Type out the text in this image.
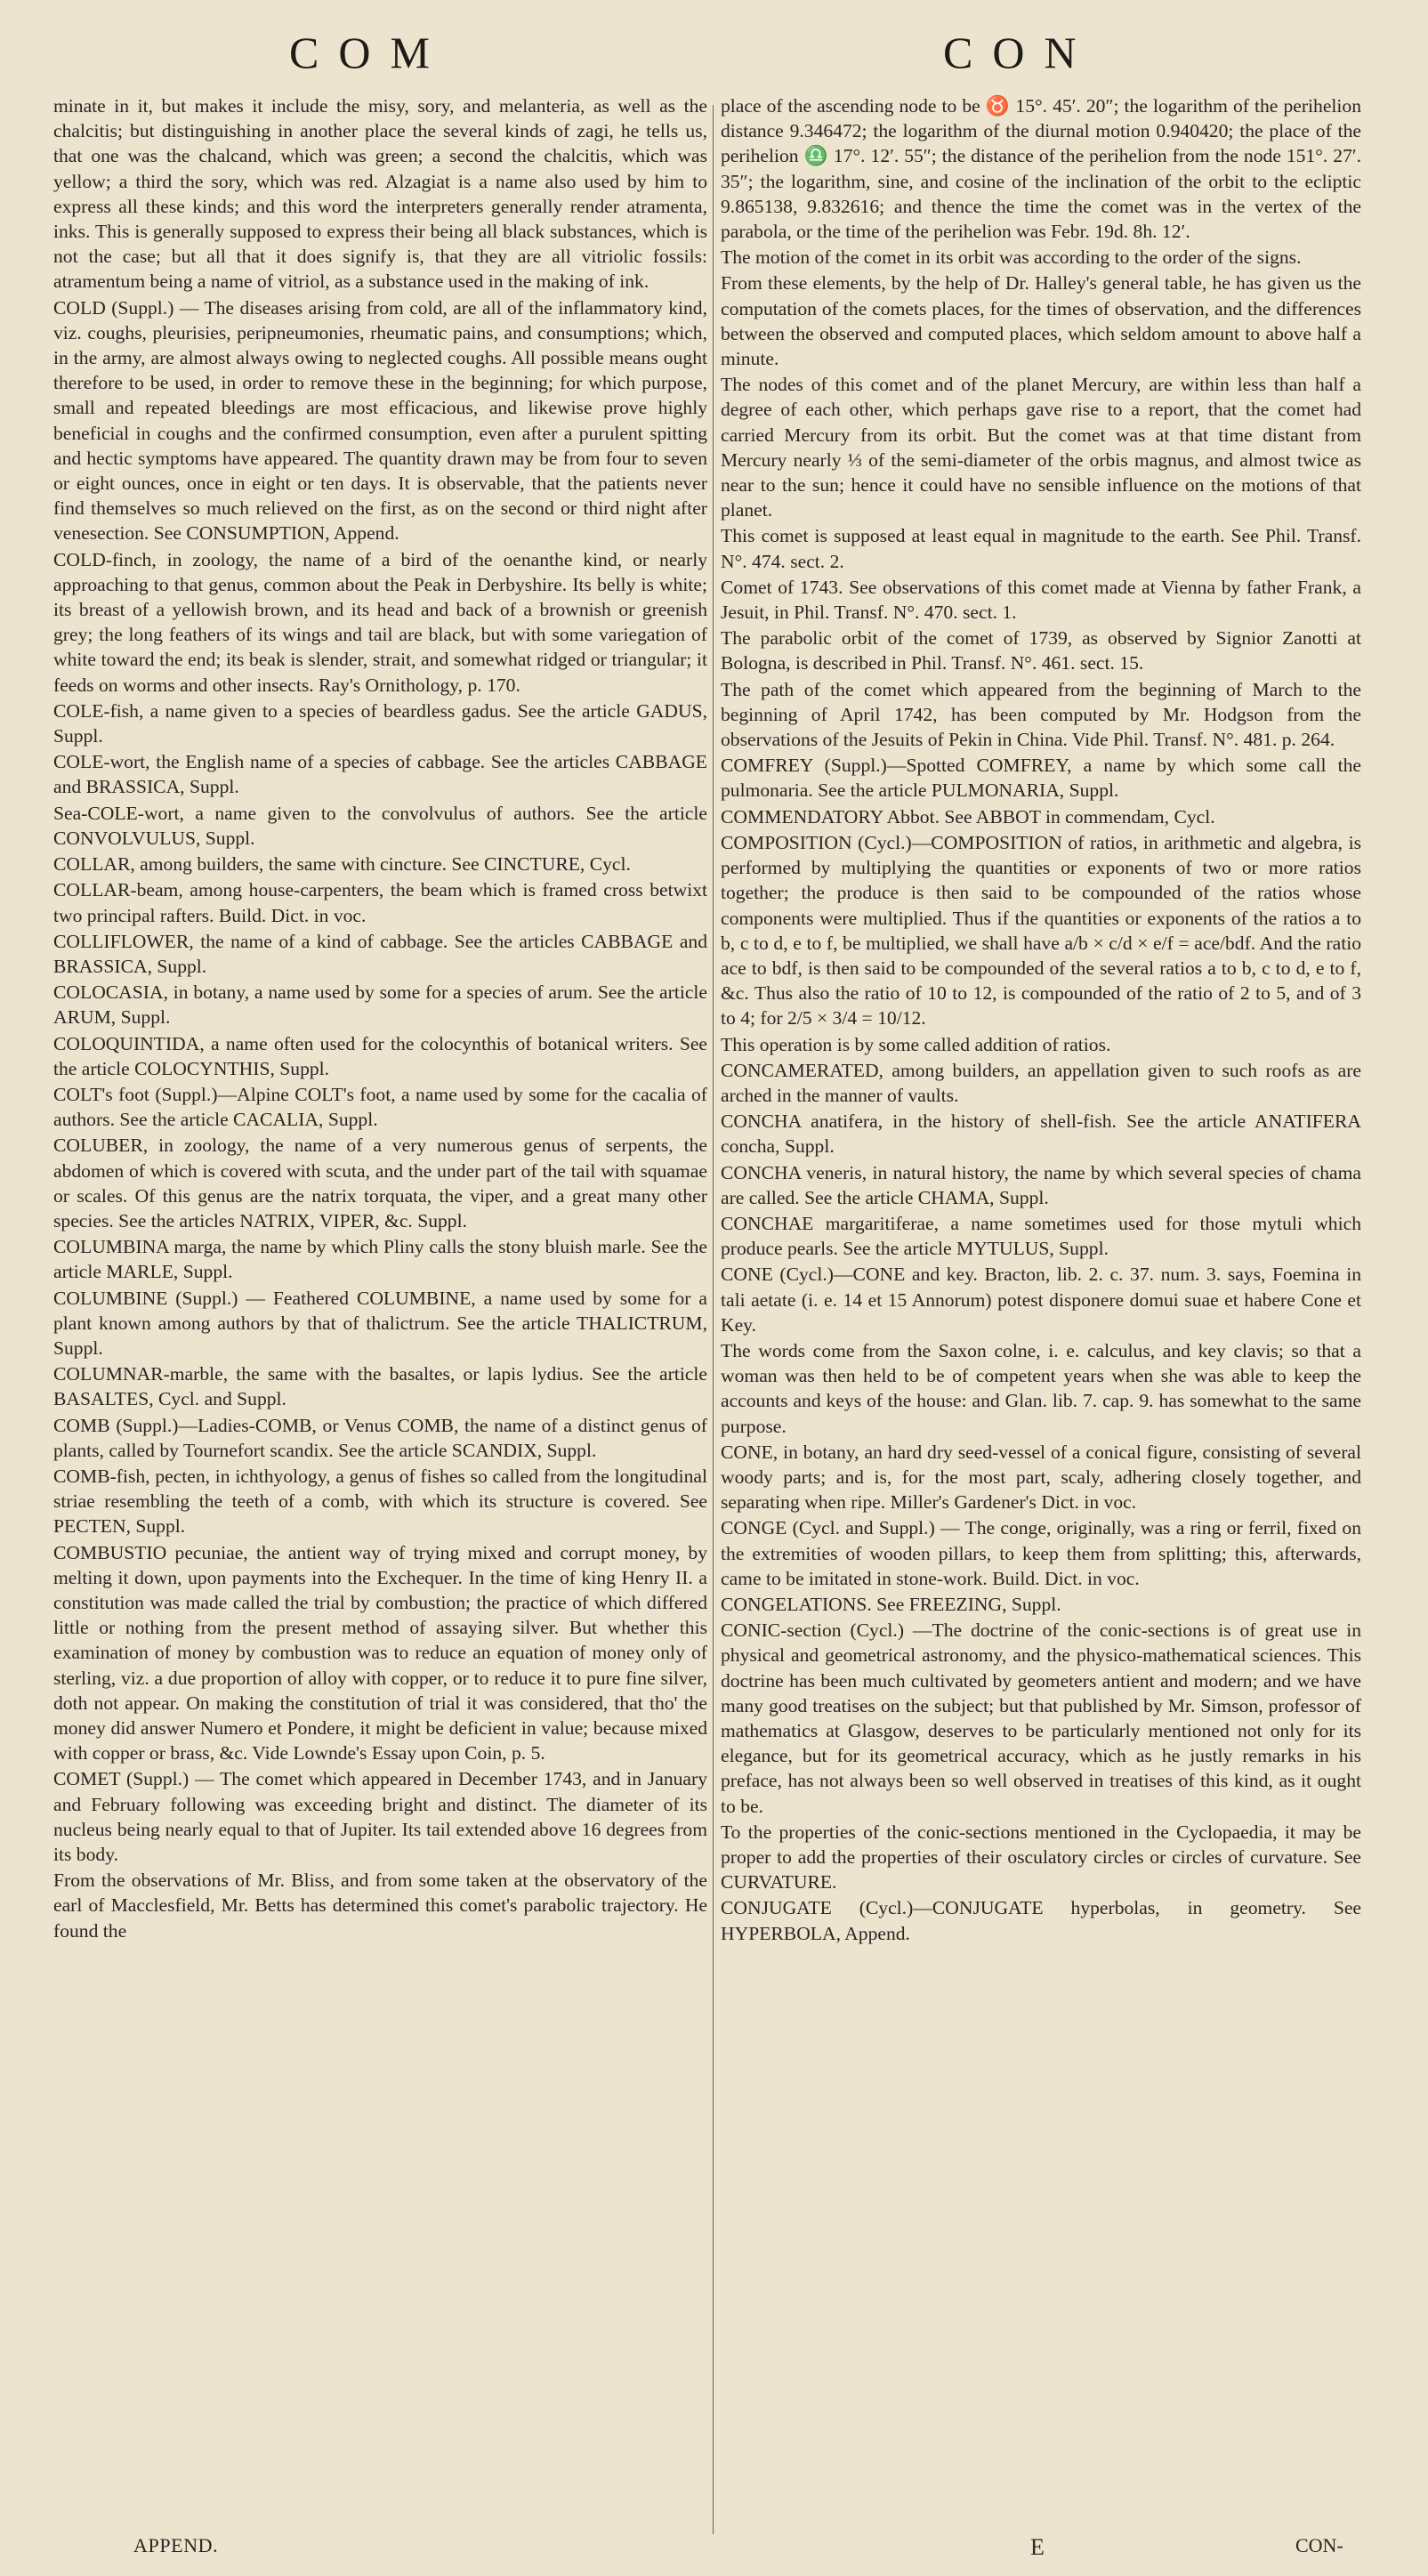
COM	CON

minate in it, but makes it include the misy, sory, and melanteria, as well as the chalcitis; but distinguishing in another place the several kinds of zagi, he tells us, that one was the chalcand, which was green; a second the chalcitis, which was yellow; a third the sory, which was red. Alzagiat is a name also used by him to express all these kinds; and this word the interpreters generally render atramenta, inks. This is generally supposed to express their being all black substances, which is not the case; but all that it does signify is, that they are all vitriolic fossils: atramentum being a name of vitriol, as a substance used in the making of ink.

COLD (Suppl.) — The diseases arising from cold, are all of the inflammatory kind, viz. coughs, pleurisies, peripneumonies, rheumatic pains, and consumptions; which, in the army, are almost always owing to neglected coughs. All possible means ought therefore to be used, in order to remove these in the beginning; for which purpose, small and repeated bleedings are most efficacious, and likewise prove highly beneficial in coughs and the confirmed consumption, even after a purulent spitting and hectic symptoms have appeared. The quantity drawn may be from four to seven or eight ounces, once in eight or ten days. It is observable, that the patients never find themselves so much relieved on the first, as on the second or third night after venesection. See CONSUMPTION, Append.

COLD-finch, in zoology, the name of a bird of the oenanthe kind, or nearly approaching to that genus, common about the Peak in Derbyshire. Its belly is white; its breast of a yellowish brown, and its head and back of a brownish or greenish grey; the long feathers of its wings and tail are black, but with some variegation of white toward the end; its beak is slender, strait, and somewhat ridged or triangular; it feeds on worms and other insects. Ray's Ornithology, p. 170.

COLE-fish, a name given to a species of beardless gadus. See the article GADUS, Suppl.

COLE-wort, the English name of a species of cabbage. See the articles CABBAGE and BRASSICA, Suppl.

Sea-COLE-wort, a name given to the convolvulus of authors. See the article CONVOLVULUS, Suppl.

COLLAR, among builders, the same with cincture. See CINCTURE, Cycl.

COLLAR-beam, among house-carpenters, the beam which is framed cross betwixt two principal rafters. Build. Dict. in voc.

COLLIFLOWER, the name of a kind of cabbage. See the articles CABBAGE and BRASSICA, Suppl.

COLOCASIA, in botany, a name used by some for a species of arum. See the article ARUM, Suppl.

COLOQUINTIDA, a name often used for the colocynthis of botanical writers. See the article COLOCYNTHIS, Suppl.

COLT's foot (Suppl.)—Alpine COLT's foot, a name used by some for the cacalia of authors. See the article CACALIA, Suppl.

COLUBER, in zoology, the name of a very numerous genus of serpents, the abdomen of which is covered with scuta, and the under part of the tail with squamae or scales. Of this genus are the natrix torquata, the viper, and a great many other species. See the articles NATRIX, VIPER, &c. Suppl.

COLUMBINA marga, the name by which Pliny calls the stony bluish marle. See the article MARLE, Suppl.

COLUMBINE (Suppl.) — Feathered COLUMBINE, a name used by some for a plant known among authors by that of thalictrum. See the article THALICTRUM, Suppl.

COLUMNAR-marble, the same with the basaltes, or lapis lydius. See the article BASALTES, Cycl. and Suppl.

COMB (Suppl.)—Ladies-COMB, or Venus COMB, the name of a distinct genus of plants, called by Tournefort scandix. See the article SCANDIX, Suppl.

COMB-fish, pecten, in ichthyology, a genus of fishes so called from the longitudinal striae resembling the teeth of a comb, with which its structure is covered. See PECTEN, Suppl.

COMBUSTIO pecuniae, the antient way of trying mixed and corrupt money, by melting it down, upon payments into the Exchequer. In the time of king Henry II. a constitution was made called the trial by combustion; the practice of which differed little or nothing from the present method of assaying silver. But whether this examination of money by combustion was to reduce an equation of money only of sterling, viz. a due proportion of alloy with copper, or to reduce it to pure fine silver, doth not appear. On making the constitution of trial it was considered, that tho' the money did answer Numero et Pondere, it might be deficient in value; because mixed with copper or brass, &c. Vide Lownde's Essay upon Coin, p. 5.

COMET (Suppl.) — The comet which appeared in December 1743, and in January and February following was exceeding bright and distinct. The diameter of its nucleus being nearly equal to that of Jupiter. Its tail extended above 16 degrees from its body.

From the observations of Mr. Bliss, and from some taken at the observatory of the earl of Macclesfield, Mr. Betts has determined this comet's parabolic trajectory. He found the

place of the ascending node to be ♉ 15°. 45′. 20″; the logarithm of the perihelion distance 9.346472; the logarithm of the diurnal motion 0.940420; the place of the perihelion ♎ 17°. 12′. 55″; the distance of the perihelion from the node 151°. 27′. 35″; the logarithm, sine, and cosine of the inclination of the orbit to the ecliptic 9.865138, 9.832616; and thence the time the comet was in the vertex of the parabola, or the time of the perihelion was Febr. 19d. 8h. 12′.

The motion of the comet in its orbit was according to the order of the signs.

From these elements, by the help of Dr. Halley's general table, he has given us the computation of the comets places, for the times of observation, and the differences between the observed and computed places, which seldom amount to above half a minute.

The nodes of this comet and of the planet Mercury, are within less than half a degree of each other, which perhaps gave rise to a report, that the comet had carried Mercury from its orbit. But the comet was at that time distant from Mercury nearly ⅓ of the semi-diameter of the orbis magnus, and almost twice as near to the sun; hence it could have no sensible influence on the motions of that planet.

This comet is supposed at least equal in magnitude to the earth. See Phil. Transf. N°. 474. sect. 2.

Comet of 1743. See observations of this comet made at Vienna by father Frank, a Jesuit, in Phil. Transf. N°. 470. sect. 1.

The parabolic orbit of the comet of 1739, as observed by Signior Zanotti at Bologna, is described in Phil. Transf. N°. 461. sect. 15.

The path of the comet which appeared from the beginning of March to the beginning of April 1742, has been computed by Mr. Hodgson from the observations of the Jesuits of Pekin in China. Vide Phil. Transf. N°. 481. p. 264.

COMFREY (Suppl.)—Spotted COMFREY, a name by which some call the pulmonaria. See the article PULMONARIA, Suppl.

COMMENDATORY Abbot. See ABBOT in commendam, Cycl.

COMPOSITION (Cycl.)—COMPOSITION of ratios, in arithmetic and algebra, is performed by multiplying the quantities or exponents of two or more ratios together; the produce is then said to be compounded of the ratios whose components were multiplied. Thus if the quantities or exponents of the ratios a to b, c to d, e to f, be multiplied, we shall have a/b × c/d × e/f = ace/bdf. And the ratio ace to bdf, is then said to be compounded of the several ratios a to b, c to d, e to f, &c. Thus also the ratio of 10 to 12, is compounded of the ratio of 2 to 5, and of 3 to 4; for 2/5 × 3/4 = 10/12.

This operation is by some called addition of ratios.

CONCAMERATED, among builders, an appellation given to such roofs as are arched in the manner of vaults.

CONCHA anatifera, in the history of shell-fish. See the article ANATIFERA concha, Suppl.

CONCHA veneris, in natural history, the name by which several species of chama are called. See the article CHAMA, Suppl.

CONCHAE margaritiferae, a name sometimes used for those mytuli which produce pearls. See the article MYTULUS, Suppl.

CONE (Cycl.)—CONE and key. Bracton, lib. 2. c. 37. num. 3. says, Foemina in tali aetate (i. e. 14 et 15 Annorum) potest disponere domui suae et habere Cone et Key.

The words come from the Saxon colne, i. e. calculus, and key clavis; so that a woman was then held to be of competent years when she was able to keep the accounts and keys of the house: and Glan. lib. 7. cap. 9. has somewhat to the same purpose.

CONE, in botany, an hard dry seed-vessel of a conical figure, consisting of several woody parts; and is, for the most part, scaly, adhering closely together, and separating when ripe. Miller's Gardener's Dict. in voc.

CONGE (Cycl. and Suppl.) — The conge, originally, was a ring or ferril, fixed on the extremities of wooden pillars, to keep them from splitting; this, afterwards, came to be imitated in stone-work. Build. Dict. in voc.

CONGELATIONS. See FREEZING, Suppl.

CONIC-section (Cycl.) —The doctrine of the conic-sections is of great use in physical and geometrical astronomy, and the physico-mathematical sciences. This doctrine has been much cultivated by geometers antient and modern; and we have many good treatises on the subject; but that published by Mr. Simson, professor of mathematics at Glasgow, deserves to be particularly mentioned not only for its elegance, but for its geometrical accuracy, which as he justly remarks in his preface, has not always been so well observed in treatises of this kind, as it ought to be.

To the properties of the conic-sections mentioned in the Cyclopaedia, it may be proper to add the properties of their osculatory circles or circles of curvature. See CURVATURE.

CONJUGATE (Cycl.)—CONJUGATE hyperbolas, in geometry. See HYPERBOLA, Append.

APPEND.	E	CON-
